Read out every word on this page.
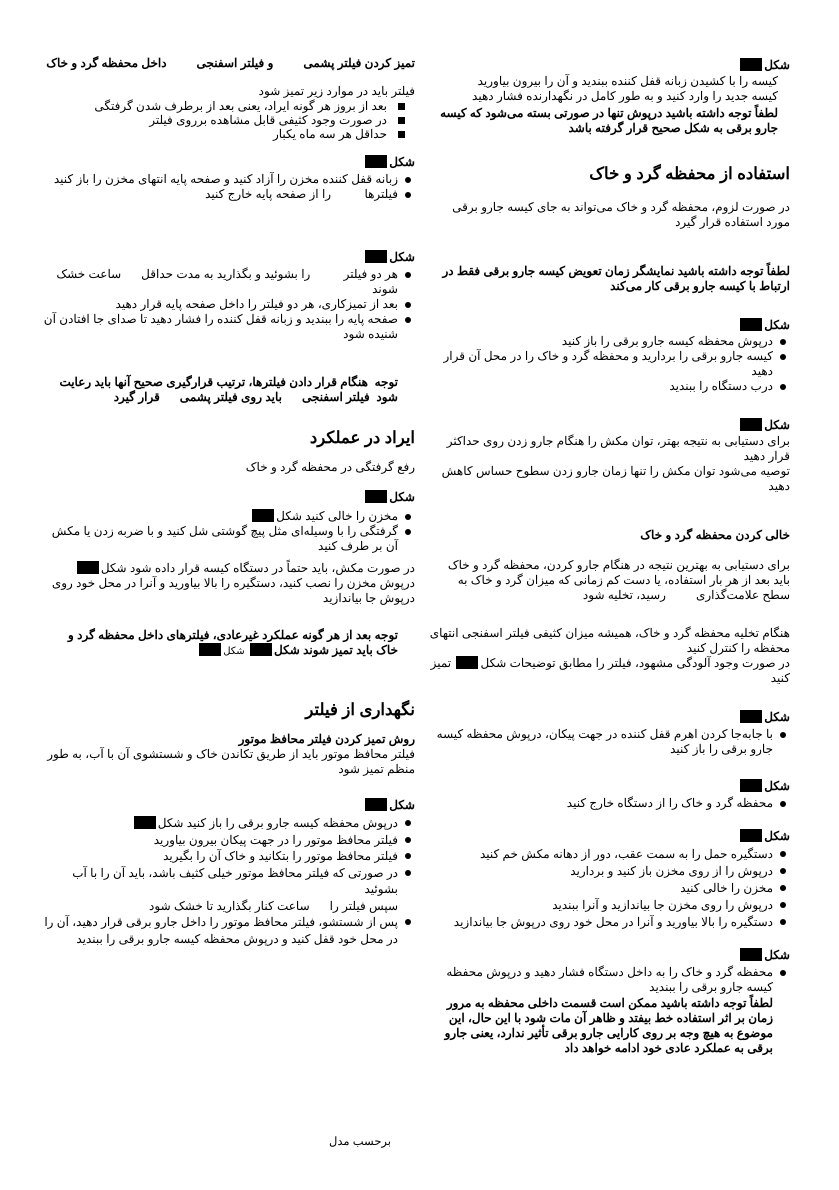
شکل

کیسه را با کشیدن زبانه قفل کننده ببندید و آن را بیرون بیاورید

کیسه جدید را وارد کنید و به طور کامل در نگهدارنده فشار دهید

لطفاً توجه داشته باشید درپوش تنها در صورتی بسته می‌شود که کیسه جارو برقی به شکل صحیح قرار گرفته باشد

استفاده از محفظه گرد و خاک
در صورت لزوم، محفظه گرد و خاک می‌تواند به جای کیسه جارو برقی مورد استفاده قرار گیرد
لطفاً توجه داشته باشید نمایشگر زمان تعویض کیسه جارو برقی فقط در ارتباط با کیسه جارو برقی کار می‌کند
شکل
درپوش محفظه کیسه جارو برقی را باز کنید
کیسه جارو برقی را بردارید و محفظه گرد و خاک را در محل آن قرار دهید
درب دستگاه را ببندید
شکل

برای دستیابی به نتیجه بهتر، توان مکش را هنگام جارو زدن روی حداکثر قرار دهید

توصیه می‌شود توان مکش را تنها زمان جارو زدن سطوح حساس کاهش دهید

خالی کردن محفظه گرد و خاک
برای دستیابی به بهترین نتیجه در هنگام جارو کردن، محفظه گرد و خاک باید بعد از هر بار استفاده، یا دست کم زمانی که میزان گرد و خاک به سطح علامت‌گذاریرسید، تخلیه شود

هنگام تخلیه محفظه گرد و خاک، همیشه میزان کثیفی فیلتر اسفنجی انتهای محفظه را کنترل کنید

در صورت وجود آلودگی مشهود، فیلتر را مطابق توضیحات شکل تمیز کنید

شکل
با جابه‌جا کردن اهرم قفل کننده در جهت پیکان، درپوش محفظه کیسه جارو برقی را باز کنید
شکل
محفظه گرد و خاک را از دستگاه خارج کنید
شکل
دستگیره حمل را به سمت عقب، دور از دهانه مکش خم کنید
درپوش را از روی مخزن باز کنید و بردارید
مخزن را خالی کنید
درپوش را روی مخزن جا بیاندازید و آنرا ببندید
دستگیره را بالا بیاورید و آنرا در محل خود روی درپوش جا بیاندازید
شکل
محفظه گرد و خاک را به داخل دستگاه فشار دهید و درپوش محفظه کیسه جارو برقی را ببندید
لطفاً توجه داشته باشید ممکن است قسمت داخلی محفظه به مرور زمان بر اثر استفاده خط بیفتد و ظاهر آن مات شود با این حال، این موضوع به هیچ وجه بر روی کارایی جارو برقی تأثیر ندارد، یعنی جارو برقی به عملکرد عادی خود ادامه خواهد داد
تمیز کردن فیلتر پشمیو فیلتر اسفنجیداخل محفظه گرد و خاک
فیلتر باید در موارد زیر تمیز شود
بعد از بروز هر گونه ایراد، یعنی بعد از برطرف شدن گرفتگی
در صورت وجود کثیفی قابل مشاهده برروی فیلتر
حداقل هر سه ماه یکبار
شکل
زبانه قفل کننده مخزن را آزاد کنید و صفحه پایه انتهای مخزن را باز کنید
فیلترها          را از صفحه پایه خارج کنید
شکل
هر دو فیلتر          را بشوئید و بگذارید به مدت حداقل      ساعت خشک شوند
بعد از تمیزکاری، هر دو فیلتر را داخل صفحه پایه قرار دهید
صفحه پایه را ببندید و زبانه قفل کننده را فشار دهید تا صدای جا افتادن آن شنیده شود
توجه  هنگام قرار دادن فیلترها، ترتیب قرارگیری صحیح آنها باید رعایت شود  فیلتر اسفنجی      باید روی فیلتر پشمی      قرار گیرد
ایراد در عملکرد
رفع گرفتگی در محفظه گرد و خاک
شکل
مخزن را خالی کنید شکل
گرفتگی را با وسیله‌ای مثل پیچ گوشتی شل کنید و با ضربه زدن یا مکش آن بر طرف کنید

در صورت مکش، باید حتماً در دستگاه کیسه قرار داده شود شکل

درپوش مخزن را نصب کنید، دستگیره را بالا بیاورید و آنرا در محل خود روی درپوش جا بیاندازید

توجه بعد از هر گونه عملکرد غیرعادی، فیلترهای داخل محفظه گرد و خاک باید تمیز شوند شکل شکل
نگهداری از فیلتر
روش تمیز کردن فیلتر محافظ موتور
فیلتر محافظ موتور باید از طریق تکاندن خاک و شستشوی آن با آب، به طور منظم تمیز شود
شکل
درپوش محفظه کیسه جارو برقی را باز کنید شکل
فیلتر محافظ موتور را در جهت پیکان بیرون بیاورید
فیلتر محافظ موتور را بتکانید و خاک آن را بگیرید
در صورتی که فیلتر محافظ موتور خیلی کثیف باشد، باید آن را با آب بشوئید
سپس فیلتر را      ساعت کنار بگذارید تا خشک شود
پس از شستشو، فیلتر محافظ موتور را داخل جارو برقی قرار دهید، آن را در محل خود قفل کنید و درپوش محفظه کیسه جارو برقی را ببندید
برحسب مدل
